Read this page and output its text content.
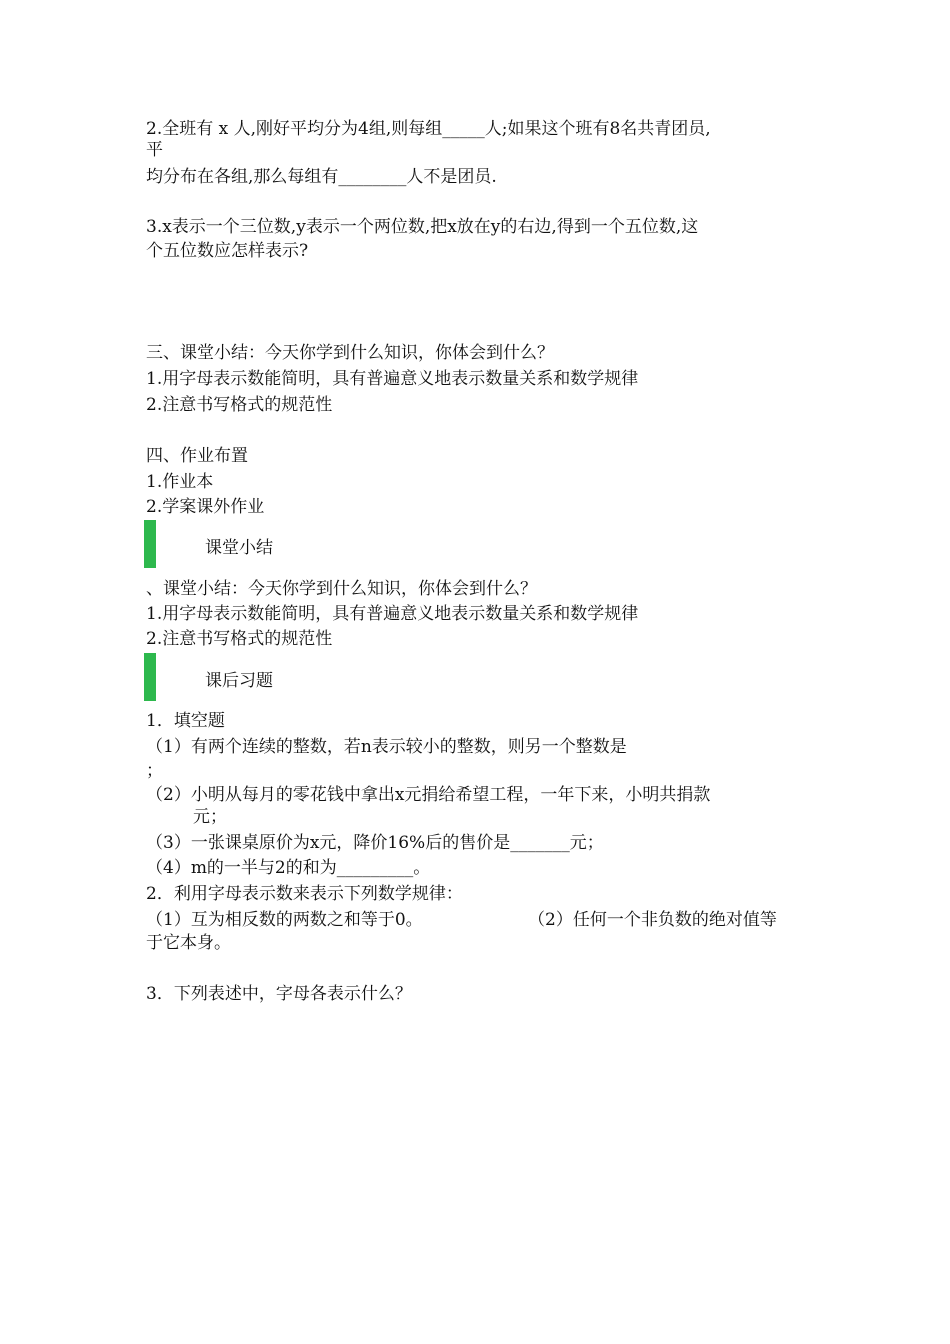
2.全班有 x 人,刚好平均分为4组,则每组_____人;如果这个班有8名共青团员,
平
均分布在各组,那么每组有________人不是团员.
3.x表示一个三位数,y表示一个两位数,把x放在y的右边,得到一个五位数,这
个五位数应怎样表示?
三、课堂小结：今天你学到什么知识，你体会到什么？
1.用字母表示数能简明，具有普遍意义地表示数量关系和数学规律
2.注意书写格式的规范性
四、作业布置
1.作业本
2.学案课外作业
课堂小结
、课堂小结：今天你学到什么知识，你体会到什么？
1.用字母表示数能简明，具有普遍意义地表示数量关系和数学规律
2.注意书写格式的规范性
课后习题
1．填空题
（1）有两个连续的整数，若n表示较小的整数，则另一个整数是
；
（2）小明从每月的零花钱中拿出x元捐给希望工程，一年下来，小明共捐款
元；
（3）一张课桌原价为x元，降价16%后的售价是_______元；
（4）m的一半与2的和为_________。
2．利用字母表示数来表示下列数学规律：
（1）互为相反数的两数之和等于0。	（2）任何一个非负数的绝对值等
于它本身。
3．下列表述中，字母各表示什么？
